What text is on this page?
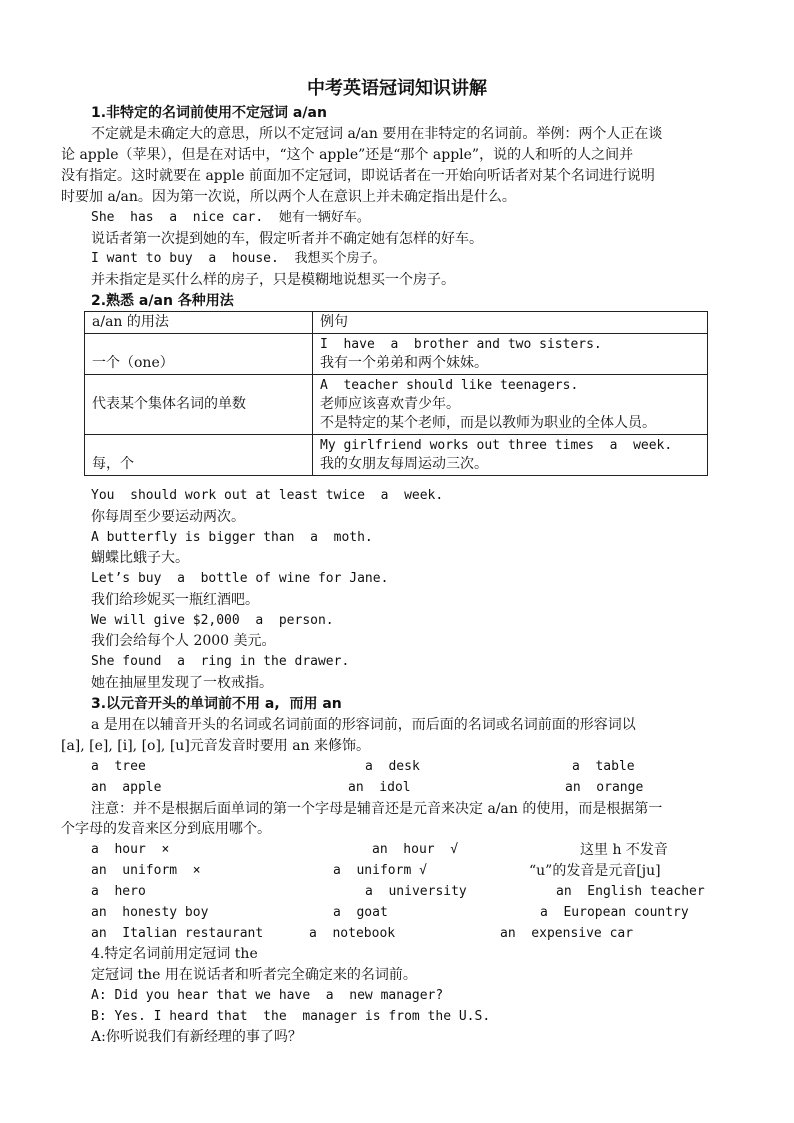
中考英语冠词知识讲解
1.非特定的名词前使用不定冠词 a/an
不定就是未确定大的意思，所以不定冠词 a/an 要用在非特定的名词前。举例：两个人正在谈
论 apple（苹果），但是在对话中，“这个 apple”还是“那个 apple”，说的人和听的人之间并
没有指定。这时就要在 apple 前面加不定冠词，即说话者在一开始向听话者对某个名词进行说明
时要加 a/an。因为第一次说，所以两个人在意识上并未确定指出是什么。
She  has  a  nice car.  她有一辆好车。
说话者第一次提到她的车，假定听者并不确定她有怎样的好车。
I want to buy  a  house.  我想买个房子。
并未指定是买什么样的房子，只是模糊地说想买一个房子。
2.熟悉 a/an 各种用法
a/an 的用法	例句
一个（one）	I  have  a  brother and two sisters.

我有一个弟弟和两个妹妹。

代表某个集体名词的单数	A  teacher should like teenagers.

老师应该喜欢青少年。

不是特定的某个老师，而是以教师为职业的全体人员。

每，个	My girlfriend works out three times  a  week.

我的女朋友每周运动三次。

You  should work out at least twice  a  week.
你每周至少要运动两次。
A butterfly is bigger than  a  moth.
蝴蝶比蛾子大。
Let’s buy  a  bottle of wine for Jane.
我们给珍妮买一瓶红酒吧。
We will give $2,000  a  person.
我们会给每个人 2000 美元。
She found  a  ring in the drawer.
她在抽屉里发现了一枚戒指。
3.以元音开头的单词前不用 a,  而用 an
a 是用在以辅音开头的名词或名词前面的形容词前，而后面的名词或名词前面的形容词以
[a], [e], [i], [o], [u]元音发音时要用 an 来修饰。
a  tree	a  desk	a  table
an  apple	an  idol	an  orange
注意：并不是根据后面单词的第一个字母是辅音还是元音来决定 a/an 的使用，而是根据第一
个字母的发音来区分到底用哪个。
a  hour  ×	an  hour  √	这里 h 不发音
an  uniform  ×	a  uniform √	“u”的发音是元音[ju]
a  hero	a  university	an  English teacher
an  honesty boy	a  goat	a  European country
an  Italian restaurant	a  notebook	an  expensive car
4.特定名词前用定冠词 the
定冠词 the 用在说话者和听者完全确定来的名词前。
A: Did you hear that we have  a  new manager?
B: Yes. I heard that  the  manager is from the U.S.
A:你听说我们有新经理的事了吗？
